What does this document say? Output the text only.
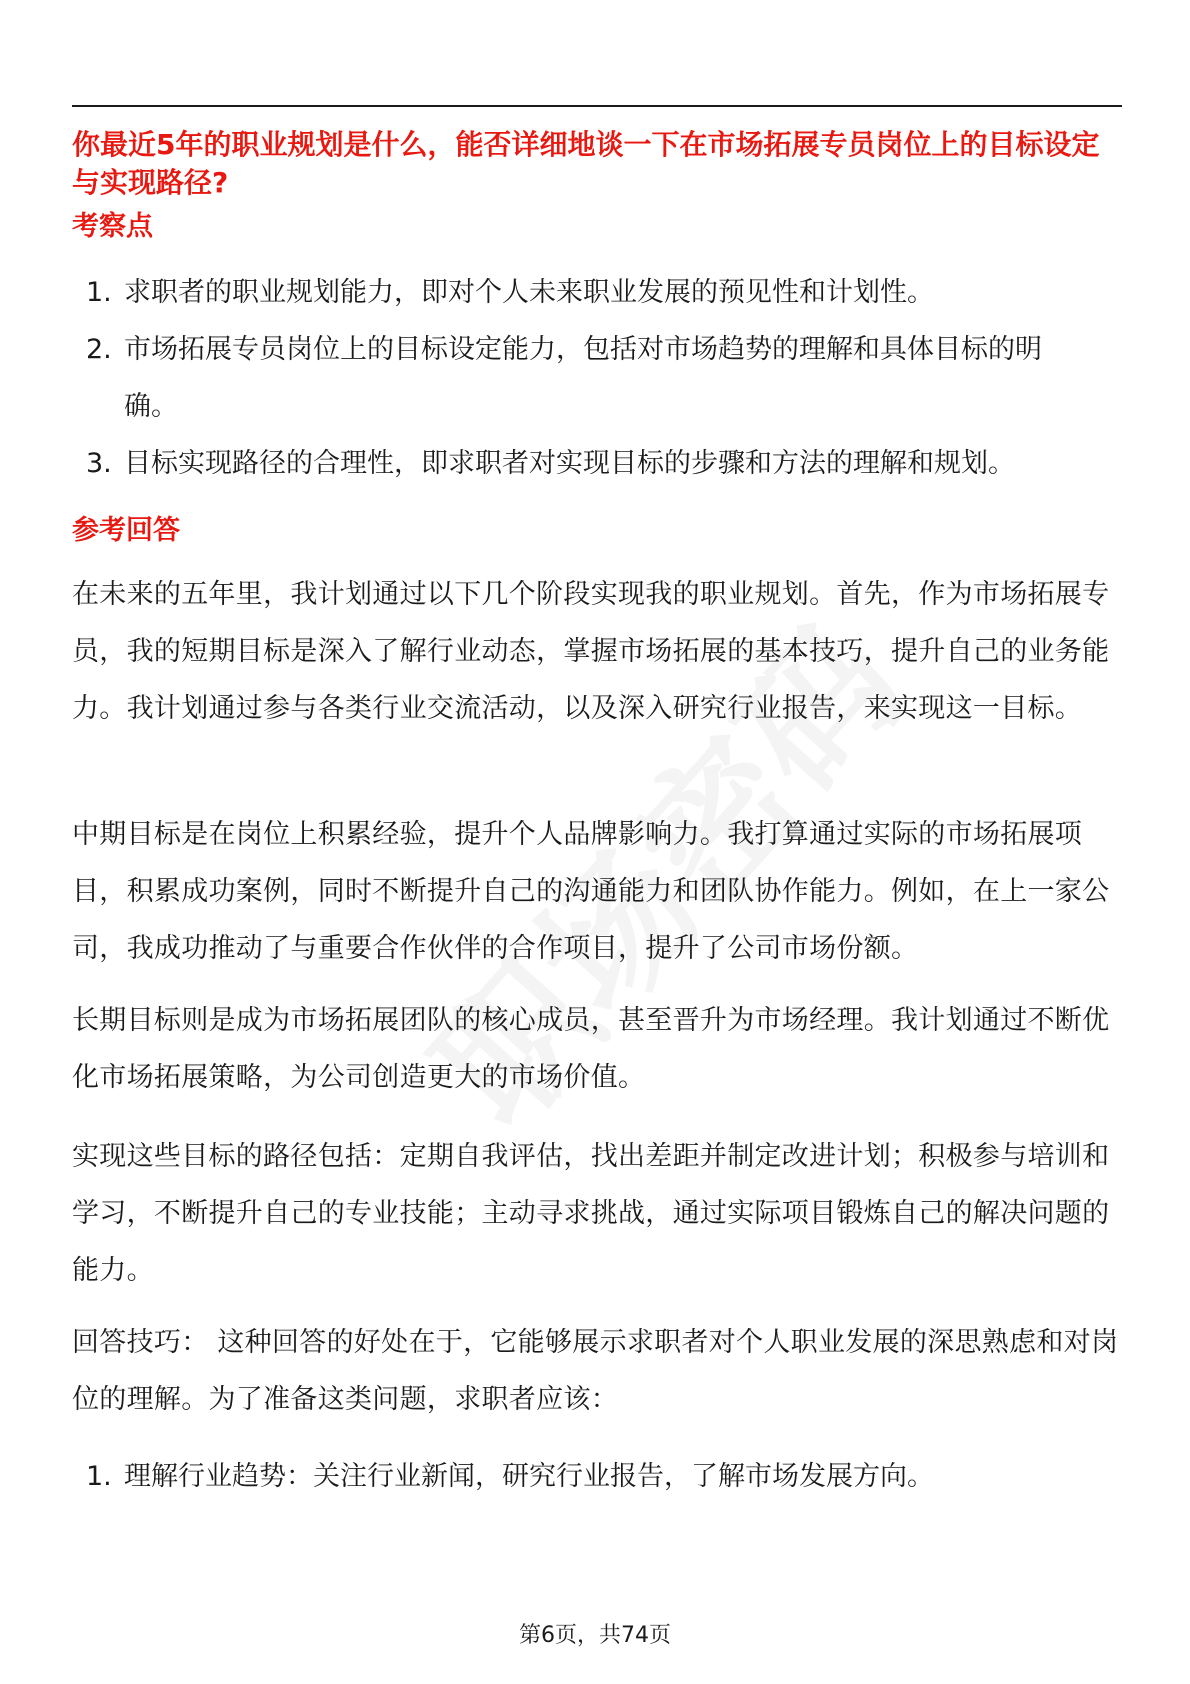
你最近5年的职业规划是什么，能否详细地谈一下在市场拓展专员岗位上的目标设定与实现路径?
考察点
1. 求职者的职业规划能力，即对个人未来职业发展的预见性和计划性。
2. 市场拓展专员岗位上的目标设定能力，包括对市场趋势的理解和具体目标的明确。
3. 目标实现路径的合理性，即求职者对实现目标的步骤和方法的理解和规划。
参考回答

在未来的五年里，我计划通过以下几个阶段实现我的职业规划。首先，作为市场拓展专员，我的短期目标是深入了解行业动态，掌握市场拓展的基本技巧，提升自己的业务能力。我计划通过参与各类行业交流活动，以及深入研究行业报告，来实现这一目标。

中期目标是在岗位上积累经验，提升个人品牌影响力。我打算通过实际的市场拓展项目，积累成功案例，同时不断提升自己的沟通能力和团队协作能力。例如，在上一家公司，我成功推动了与重要合作伙伴的合作项目，提升了公司市场份额。

长期目标则是成为市场拓展团队的核心成员，甚至晋升为市场经理。我计划通过不断优化市场拓展策略，为公司创造更大的市场价值。

实现这些目标的路径包括：定期自我评估，找出差距并制定改进计划；积极参与培训和学习，不断提升自己的专业技能；主动寻求挑战，通过实际项目锻炼自己的解决问题的能力。

回答技巧： 这种回答的好处在于，它能够展示求职者对个人职业发展的深思熟虑和对岗位的理解。为了准备这类问题，求职者应该：

1. 理解行业趋势：关注行业新闻，研究行业报告，了解市场发展方向。
第6页，共74页
